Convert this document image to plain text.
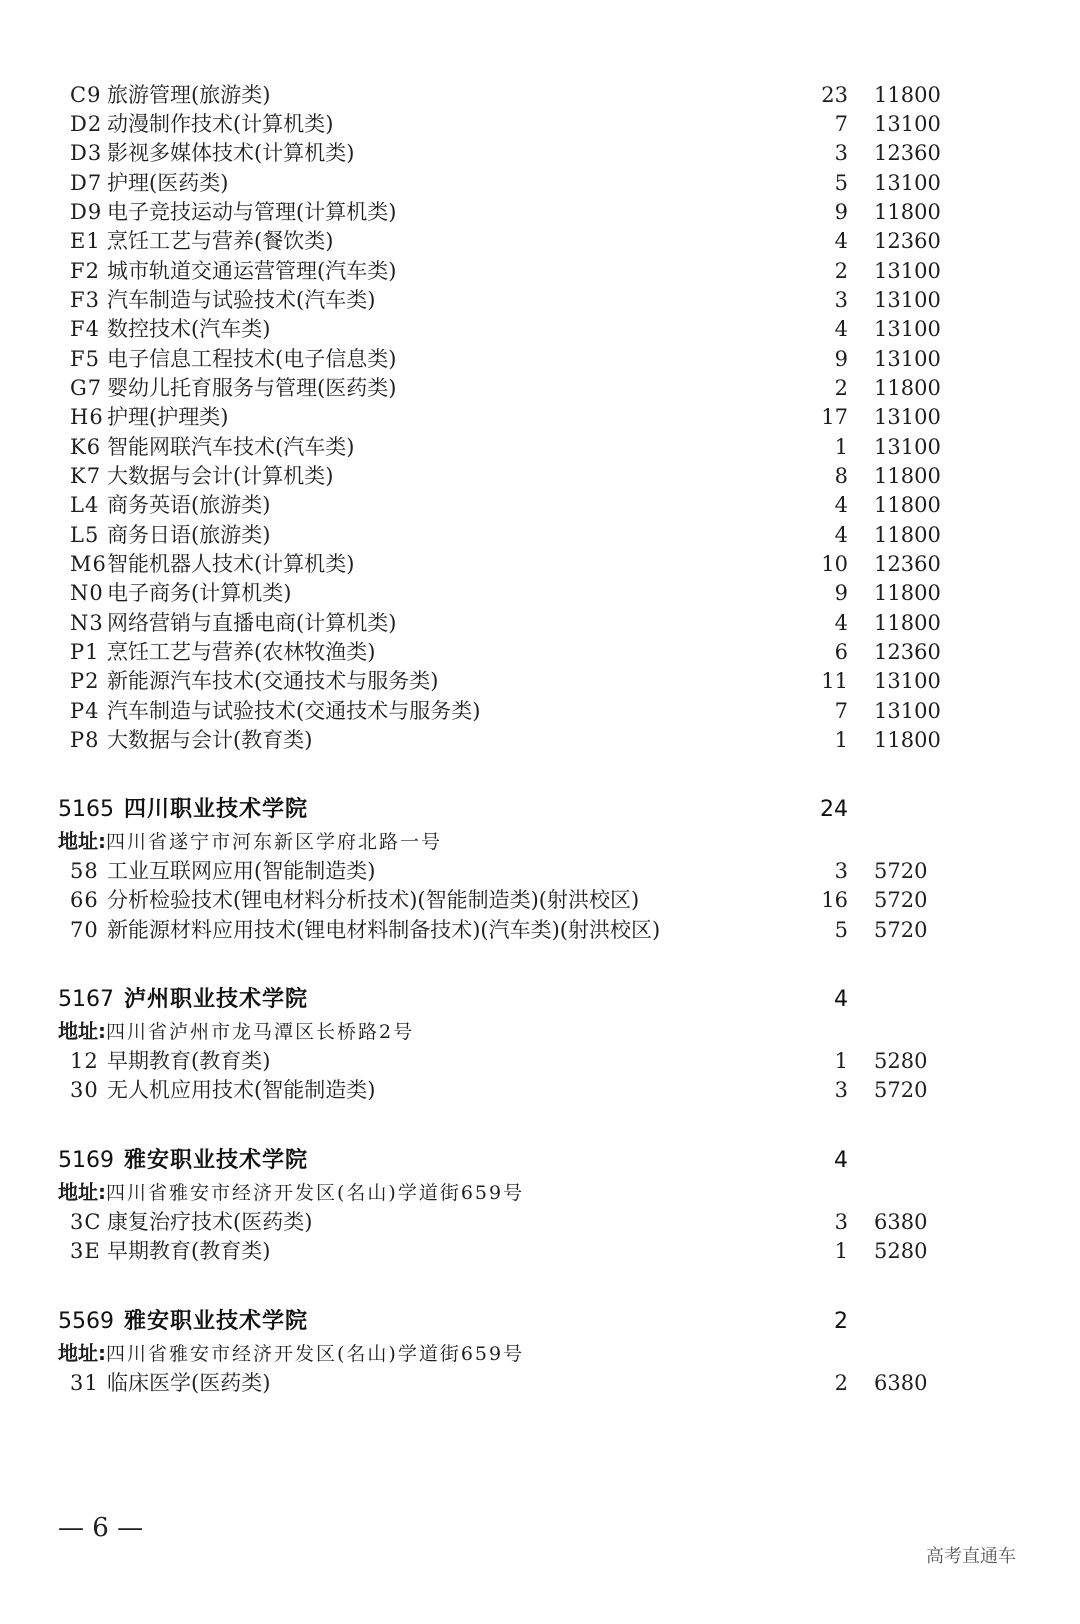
C9 旅游管理(旅游类)	23 11800
D2 动漫制作技术(计算机类)	7 13100
D3 影视多媒体技术(计算机类)	3 12360
D7 护理(医药类)	5 13100
D9 电子竞技运动与管理(计算机类)	9 11800
E1 烹饪工艺与营养(餐饮类)	4 12360
F2 城市轨道交通运营管理(汽车类)	2 13100
F3 汽车制造与试验技术(汽车类)	3 13100
F4 数控技术(汽车类)	4 13100
F5 电子信息工程技术(电子信息类)	9 13100
G7 婴幼儿托育服务与管理(医药类)	2 11800
H6 护理(护理类)	17 13100
K6 智能网联汽车技术(汽车类)	1 13100
K7 大数据与会计(计算机类)	8 11800
L4 商务英语(旅游类)	4 11800
L5 商务日语(旅游类)	4 11800
M6 智能机器人技术(计算机类)	10 12360
N0 电子商务(计算机类)	9 11800
N3 网络营销与直播电商(计算机类)	4 11800
P1 烹饪工艺与营养(农林牧渔类)	6 12360
P2 新能源汽车技术(交通技术与服务类)	11 13100
P4 汽车制造与试验技术(交通技术与服务类)	7 13100
P8 大数据与会计(教育类)	1 11800
5165 四川职业技术学院	24
地址:四川省遂宁市河东新区学府北路一号
58 工业互联网应用(智能制造类)	3 5720
66 分析检验技术(锂电材料分析技术)(智能制造类)(射洪校区)	16 5720
70 新能源材料应用技术(锂电材料制备技术)(汽车类)(射洪校区)	5 5720
5167 泸州职业技术学院	4
地址:四川省泸州市龙马潭区长桥路2号
12 早期教育(教育类)	1 5280
30 无人机应用技术(智能制造类)	3 5720
5169 雅安职业技术学院	4
地址:四川省雅安市经济开发区(名山)学道街659号
3C 康复治疗技术(医药类)	3 6380
3E 早期教育(教育类)	1 5280
5569 雅安职业技术学院	2
地址:四川省雅安市经济开发区(名山)学道街659号
31 临床医学(医药类)	2 6380
— 6 —
高考直通车
